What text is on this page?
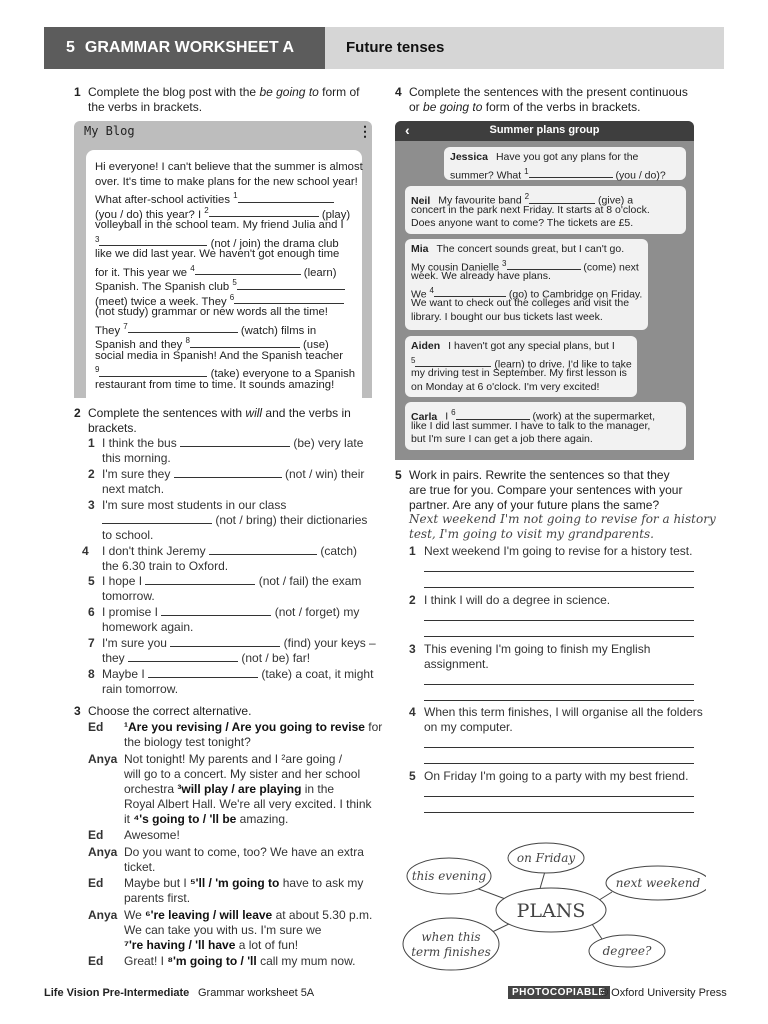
5 GRAMMAR WORKSHEET A	Future tenses
1 Complete the blog post with the be going to form of
the verbs in brackets.
My Blog	⋮
Hi everyone! I can't believe that the summer is almost
over. It's time to make plans for the new school year!
What after-school activities $^1$
(you / do) this year? I $^2$	(play)
volleyball in the school team. My friend Julia and I
$^3$	(not / join) the drama club
like we did last year. We haven't got enough time
for it. This year we $^4$	(learn)
Spanish. The Spanish club $^5$
(meet) twice a week. They $^6$
(not study) grammar or new words all the time!
They $^7$	(watch) films in
Spanish and they $^8$	(use)
social media in Spanish! And the Spanish teacher
$^9$	(take) everyone to a Spanish
restaurant from time to time. It sounds amazing!
2 Complete the sentences with will and the verbs in
brackets.
1 I think the bus	(be) very late
this morning.
2 I'm sure they	(not / win) their
next match.
3 I'm sure most students in our class
(not / bring) their dictionaries
to school.
4 I don't think Jeremy	(catch)
the 6.30 train to Oxford.
5 I hope I	(not / fail) the exam
tomorrow.
6 I promise I	(not / forget) my
homework again.
7 I'm sure you	(find) your keys –
they	(not / be) far!
8 Maybe I	(take) a coat, it might
rain tomorrow.
3 Choose the correct alternative.
Ed ¹Are you revising / Are you going to revise for
the biology test tonight?
Anya Not tonight! My parents and I ²are going /
will go to a concert. My sister and her school
orchestra ³will play / are playing in the
Royal Albert Hall. We're all very excited. I think
it ⁴'s going to / 'll be amazing.
Ed Awesome!
Anya Do you want to come, too? We have an extra
ticket.
Ed Maybe but I ⁵'ll / 'm going to have to ask my
parents first.
Anya We ⁶'re leaving / will leave at about 5.30 p.m.
We can take you with us. I'm sure we
⁷'re having / 'll have a lot of fun!
Ed Great! I ⁸'m going to / 'll call my mum now.
4 Complete the sentences with the present continuous
or be going to form of the verbs in brackets.
‹	Summer plans group
Jessica Have you got any plans for the
summer? What $^1$	(you / do)?
Neil My favourite band $^2$	(give) a
concert in the park next Friday. It starts at 8 o'clock.
Does anyone want to come? The tickets are £5.
Mia The concert sounds great, but I can't go.
My cousin Danielle $^3$	(come) next
week. We already have plans.
We $^4$	(go) to Cambridge on Friday.
We want to check out the colleges and visit the
library. I bought our bus tickets last week.
Aiden I haven't got any special plans, but I
$^5$	(learn) to drive. I'd like to take
my driving test in September. My first lesson is
on Monday at 6 o'clock. I'm very excited!
Carla I $^6$	(work) at the supermarket,
like I did last summer. I have to talk to the manager,
but I'm sure I can get a job there again.
5 Work in pairs. Rewrite the sentences so that they
are true for you. Compare your sentences with your
partner. Are any of your future plans the same?
Next weekend I'm not going to revise for a history
test, I'm going to visit my grandparents.
1 Next weekend I'm going to revise for a history test.
2 I think I will do a degree in science.
3 This evening I'm going to finish my English
assignment.
4 When this term finishes, I will organise all the folders
on my computer.
5 On Friday I'm going to a party with my best friend.
PLANS
this evening
on Friday
next weekend
when this
term finishes	degree?
Life Vision Pre-Intermediate Grammar worksheet 5A	PHOTOCOPIABLE
© Oxford University Press
